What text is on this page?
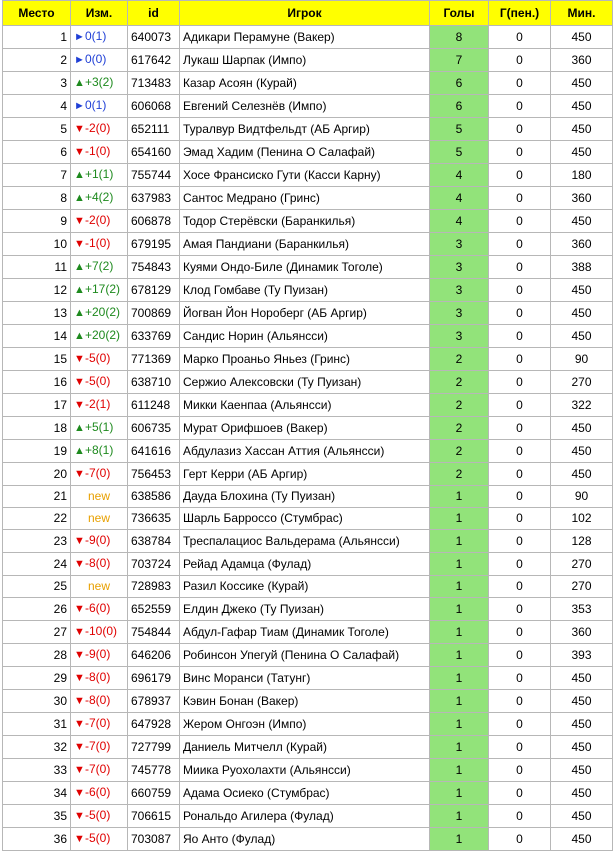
Место	Изм.	id	Игрок	Голы	Г(пен.)	Мин.
1	►0(1)	640073	Адикари Перамуне (Вакер)	8	0	450
2	►0(0)	617642	Лукаш Шарпак (Импо)	7	0	360
3	▲+3(2)	713483	Казар Асоян (Курай)	6	0	450
4	►0(1)	606068	Евгений Селезнёв (Импо)	6	0	450
5	▼-2(0)	652111	Туралвур Видтфельдт (АБ Аргир)	5	0	450
6	▼-1(0)	654160	Эмад Хадим (Пенина О Салафай)	5	0	450
7	▲+1(1)	755744	Хосе Франсиско Гути (Касси Карну)	4	0	180
8	▲+4(2)	637983	Сантос Медрано (Гринс)	4	0	360
9	▼-2(0)	606878	Тодор Стерёвски (Баранкилья)	4	0	450
10	▼-1(0)	679195	Амая Пандиани (Баранкилья)	3	0	360
11	▲+7(2)	754843	Куями Ондо-Биле (Динамик Тоголе)	3	0	388
12	▲+17(2)	678129	Клод Гомбаве (Ту Пуизан)	3	0	450
13	▲+20(2)	700869	Йогван Йон Нороберг (АБ Аргир)	3	0	450
14	▲+20(2)	633769	Сандис Норин (Альянсси)	3	0	450
15	▼-5(0)	771369	Марко Проаньо Яньез (Гринс)	2	0	90
16	▼-5(0)	638710	Сержио Алексовски (Ту Пуизан)	2	0	270
17	▼-2(1)	611248	Микки Каенпаа (Альянсси)	2	0	322
18	▲+5(1)	606735	Мурат Орифшоев (Вакер)	2	0	450
19	▲+8(1)	641616	Абдулазиз Хассан Аттия (Альянсси)	2	0	450
20	▼-7(0)	756453	Герт Керри (АБ Аргир)	2	0	450
21	new	638586	Дауда Блохина (Ту Пуизан)	1	0	90
22	new	736635	Шарль Барроссо (Стумбрас)	1	0	102
23	▼-9(0)	638784	Треспалациос Вальдерама (Альянсси)	1	0	128
24	▼-8(0)	703724	Рейад Адамца (Фулад)	1	0	270
25	new	728983	Разил Коссике (Курай)	1	0	270
26	▼-6(0)	652559	Елдин Джеко (Ту Пуизан)	1	0	353
27	▼-10(0)	754844	Абдул-Гафар Тиам (Динамик Тоголе)	1	0	360
28	▼-9(0)	646206	Робинсон Упегуй (Пенина О Салафай)	1	0	393
29	▼-8(0)	696179	Винс Моранси (Татунг)	1	0	450
30	▼-8(0)	678937	Кэвин Бонан (Вакер)	1	0	450
31	▼-7(0)	647928	Жером Онгоэн (Импо)	1	0	450
32	▼-7(0)	727799	Даниель Митчелл (Курай)	1	0	450
33	▼-7(0)	745778	Миика Руохолахти (Альянсси)	1	0	450
34	▼-6(0)	660759	Адама Осиеко (Стумбрас)	1	0	450
35	▼-5(0)	706615	Рональдо Агилера (Фулад)	1	0	450
36	▼-5(0)	703087	Яо Анто (Фулад)	1	0	450
